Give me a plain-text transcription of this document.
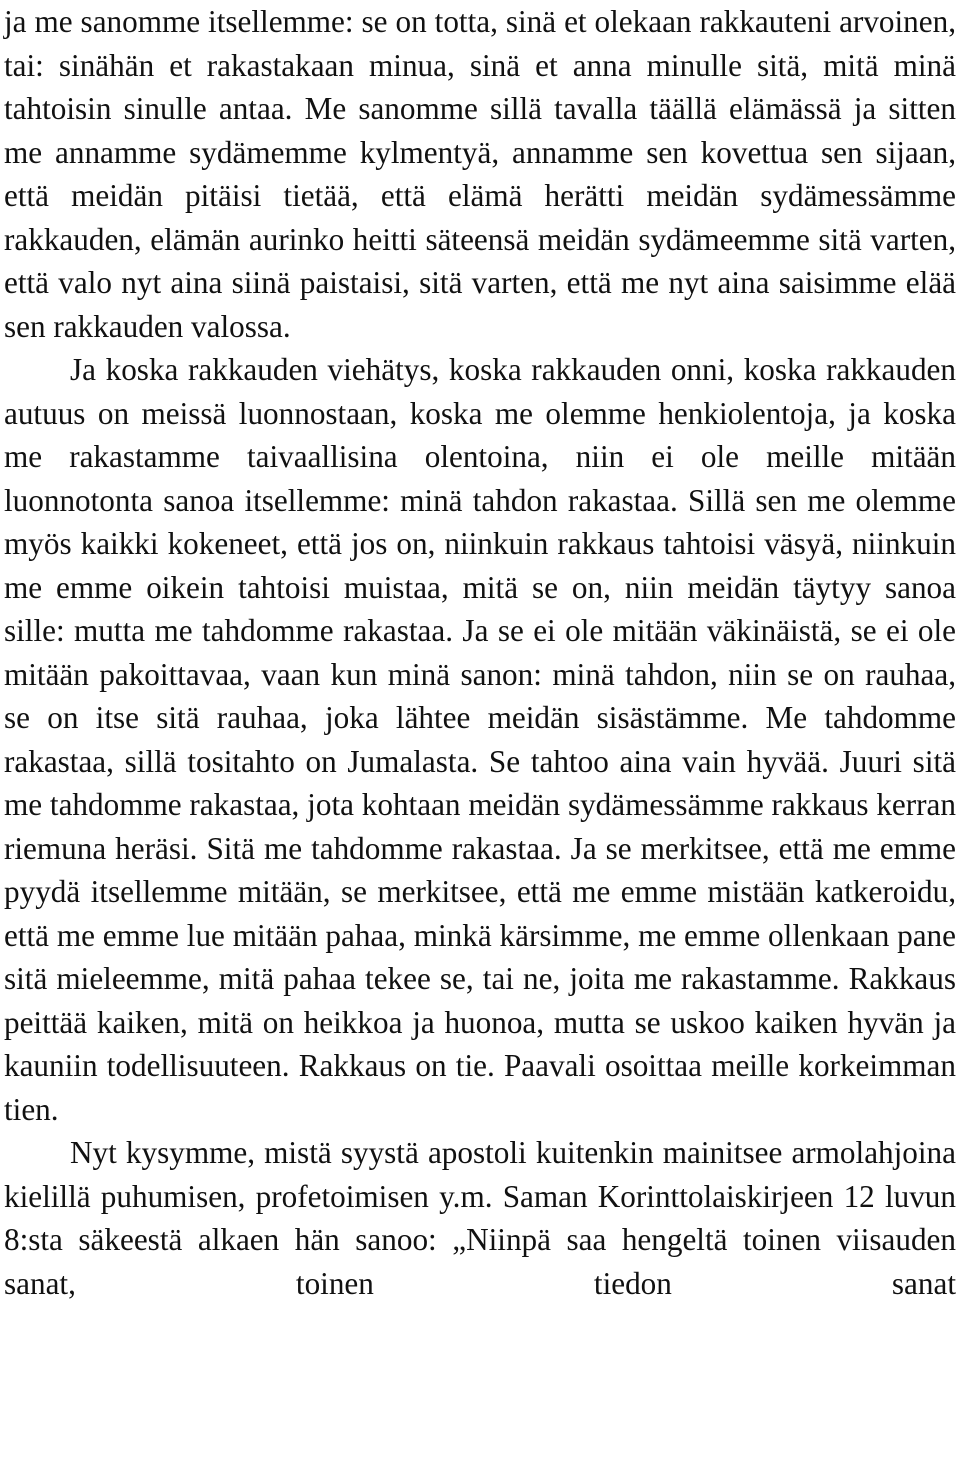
ja me sanomme itsellemme: se on totta, sinä et olekaan rakkauteni arvoinen, tai: sinähän et rakastakaan minua, sinä et anna minulle sitä, mitä minä tahtoisin sinulle antaa. Me sanomme sillä tavalla täällä elämässä ja sitten me annamme sydämemme kylmentyä, annamme sen kovettua sen sijaan, että meidän pitäisi tietää, että elämä herätti meidän sydämessämme rakkauden, elämän aurinko heitti säteensä meidän sydämeemme sitä varten, että valo nyt aina siinä paistaisi, sitä varten, että me nyt aina saisimme elää sen rakkauden valossa.

Ja koska rakkauden viehätys, koska rakkauden onni, koska rakkauden autuus on meissä luonnostaan, koska me olemme henkiolentoja, ja koska me rakastamme taivaallisina olentoina, niin ei ole meille mitään luonnotonta sanoa itsellemme: minä tahdon rakastaa. Sillä sen me olemme myös kaikki kokeneet, että jos on, niinkuin rakkaus tahtoisi väsyä, niinkuin me emme oikein tahtoisi muistaa, mitä se on, niin meidän täytyy sanoa sille: mutta me tahdomme rakastaa. Ja se ei ole mitään väkinäistä, se ei ole mitään pakoittavaa, vaan kun minä sanon: minä tahdon, niin se on rauhaa, se on itse sitä rauhaa, joka lähtee meidän sisästämme. Me tahdomme rakastaa, sillä tositahto on Jumalasta. Se tahtoo aina vain hyvää. Juuri sitä me tahdomme rakastaa, jota kohtaan meidän sydämessämme rakkaus kerran riemuna heräsi. Sitä me tahdomme rakastaa. Ja se merkitsee, että me emme pyydä itsellemme mitään, se merkitsee, että me emme mistään katkeroidu, että me emme lue mitään pahaa, minkä kärsimme, me emme ollenkaan pane sitä mieleemme, mitä pahaa tekee se, tai ne, joita me rakastamme. Rakkaus peittää kaiken, mitä on heikkoa ja huonoa, mutta se uskoo kaiken hyvän ja kauniin todellisuuteen. Rakkaus on tie. Paavali osoittaa meille korkeimman tien.

Nyt kysymme, mistä syystä apostoli kuitenkin mainitsee armolahjoina kielillä puhumisen, profetoimisen y.m. Saman Korinttolaiskirjeen 12 luvun 8:sta säkeestä alkaen hän sanoo: „Niinpä saa hengeltä toinen viisauden sanat, toinen tiedon sanat
